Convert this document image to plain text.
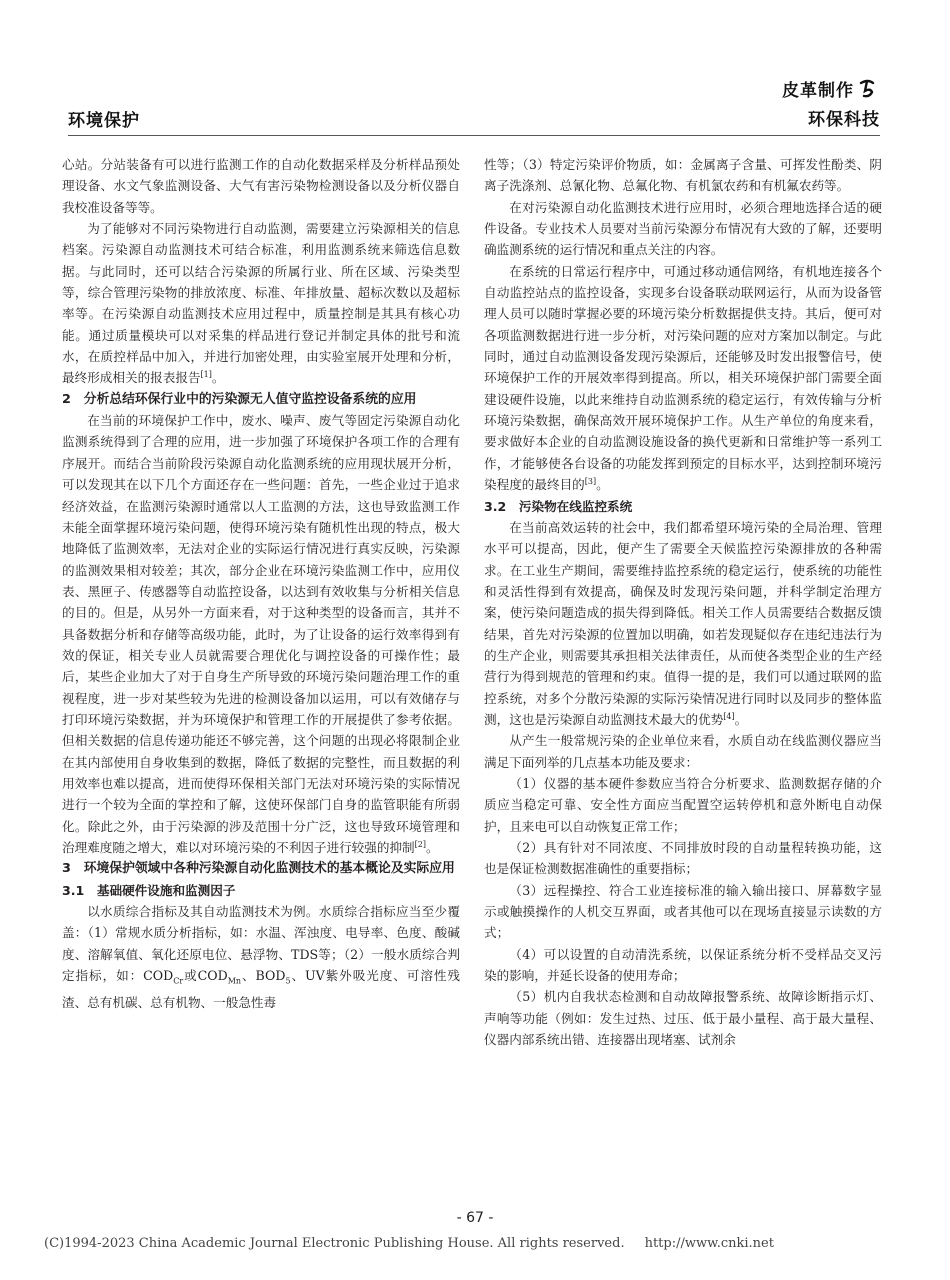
环境保护
皮革制作
环保科技

心站。分站装备有可以进行监测工作的自动化数据采样及分析样品预处理设备、水文气象监测设备、大气有害污染物检测设备以及分析仪器自我校准设备等等。

为了能够对不同污染物进行自动监测，需要建立污染源相关的信息档案。污染源自动监测技术可结合标准，利用监测系统来筛选信息数据。与此同时，还可以结合污染源的所属行业、所在区域、污染类型等，综合管理污染物的排放浓度、标准、年排放量、超标次数以及超标率等。在污染源自动监测技术应用过程中，质量控制是其具有核心功能。通过质量模块可以对采集的样品进行登记并制定具体的批号和流水，在质控样品中加入，并进行加密处理，由实验室展开处理和分析，最终形成相关的报表报告[1]。

2　分析总结环保行业中的污染源无人值守监控设备系统的应用

在当前的环境保护工作中，废水、噪声、废气等固定污染源自动化监测系统得到了合理的应用，进一步加强了环境保护各项工作的合理有序展开。而结合当前阶段污染源自动化监测系统的应用现状展开分析，可以发现其在以下几个方面还存在一些问题：首先，一些企业过于追求经济效益，在监测污染源时通常以人工监测的方法，这也导致监测工作未能全面掌握环境污染问题，使得环境污染有随机性出现的特点，极大地降低了监测效率，无法对企业的实际运行情况进行真实反映，污染源的监测效果相对较差；其次，部分企业在环境污染监测工作中，应用仪表、黑匣子、传感器等自动监控设备，以达到有效收集与分析相关信息的目的。但是，从另外一方面来看，对于这种类型的设备而言，其并不具备数据分析和存储等高级功能，此时，为了让设备的运行效率得到有效的保证，相关专业人员就需要合理优化与调控设备的可操作性；最后，某些企业加大了对于自身生产所导致的环境污染问题治理工作的重视程度，进一步对某些较为先进的检测设备加以运用，可以有效储存与打印环境污染数据，并为环境保护和管理工作的开展提供了参考依据。但相关数据的信息传递功能还不够完善，这个问题的出现必将限制企业在其内部使用自身收集到的数据，降低了数据的完整性，而且数据的利用效率也难以提高，进而使得环保相关部门无法对环境污染的实际情况进行一个较为全面的掌控和了解，这使环保部门自身的监管职能有所弱化。除此之外，由于污染源的涉及范围十分广泛，这也导致环境管理和治理难度随之增大，难以对环境污染的不利因子进行较强的抑制[2]。

3　环境保护领域中各种污染源自动化监测技术的基本概论及实际应用
3.1　基础硬件设施和监测因子

以水质综合指标及其自动监测技术为例。水质综合指标应当至少覆盖：（1）常规水质分析指标，如：水温、浑浊度、电导率、色度、酸碱度、溶解氧值、氧化还原电位、悬浮物、TDS等；（2）一般水质综合判定指标，如：$COD_{Cr}$或$COD_{Mn}$、$BOD_5$、UV紫外吸光度、可溶性残渣、总有机碳、总有机物、一般急性毒

性等；（3）特定污染评价物质，如：金属离子含量、可挥发性酚类、阴离子洗涤剂、总氰化物、总氟化物、有机氯农药和有机氟农药等。

在对污染源自动化监测技术进行应用时，必须合理地选择合适的硬件设备。专业技术人员要对当前污染源分布情况有大致的了解，还要明确监测系统的运行情况和重点关注的内容。

在系统的日常运行程序中，可通过移动通信网络，有机地连接各个自动监控站点的监控设备，实现多台设备联动联网运行，从而为设备管理人员可以随时掌握必要的环境污染分析数据提供支持。其后，便可对各项监测数据进行进一步分析，对污染问题的应对方案加以制定。与此同时，通过自动监测设备发现污染源后，还能够及时发出报警信号，使环境保护工作的开展效率得到提高。所以，相关环境保护部门需要全面建设硬件设施，以此来维持自动监测系统的稳定运行，有效传输与分析环境污染数据，确保高效开展环境保护工作。从生产单位的角度来看，要求做好本企业的自动监测设施设备的换代更新和日常维护等一系列工作，才能够使各台设备的功能发挥到预定的目标水平，达到控制环境污染程度的最终目的[3]。

3.2　污染物在线监控系统

在当前高效运转的社会中，我们都希望环境污染的全局治理、管理水平可以提高，因此，便产生了需要全天候监控污染源排放的各种需求。在工业生产期间，需要维持监控系统的稳定运行，使系统的功能性和灵活性得到有效提高，确保及时发现污染问题，并科学制定治理方案，使污染问题造成的损失得到降低。相关工作人员需要结合数据反馈结果，首先对污染源的位置加以明确，如若发现疑似存在违纪违法行为的生产企业，则需要其承担相关法律责任，从而使各类型企业的生产经营行为得到规范的管理和约束。值得一提的是，我们可以通过联网的监控系统，对多个分散污染源的实际污染情况进行同时以及同步的整体监测，这也是污染源自动监测技术最大的优势[4]。

从产生一般常规污染的企业单位来看，水质自动在线监测仪器应当满足下面列举的几点基本功能及要求：

（1）仪器的基本硬件参数应当符合分析要求、监测数据存储的介质应当稳定可靠、安全性方面应当配置空运转停机和意外断电自动保护，且来电可以自动恢复正常工作；

（2）具有针对不同浓度、不同排放时段的自动量程转换功能，这也是保证检测数据准确性的重要指标；

（3）远程操控、符合工业连接标准的输入输出接口、屏幕数字显示或触摸操作的人机交互界面，或者其他可以在现场直接显示读数的方式；

（4）可以设置的自动清洗系统，以保证系统分析不受样品交叉污染的影响，并延长设备的使用寿命；

（5）机内自我状态检测和自动故障报警系统、故障诊断指示灯、声响等功能（例如：发生过热、过压、低于最小量程、高于最大量程、仪器内部系统出错、连接器出现堵塞、试剂余

- 67 -
(C)1994-2023 China Academic Journal Electronic Publishing House. All rights reserved. http://www.cnki.net
